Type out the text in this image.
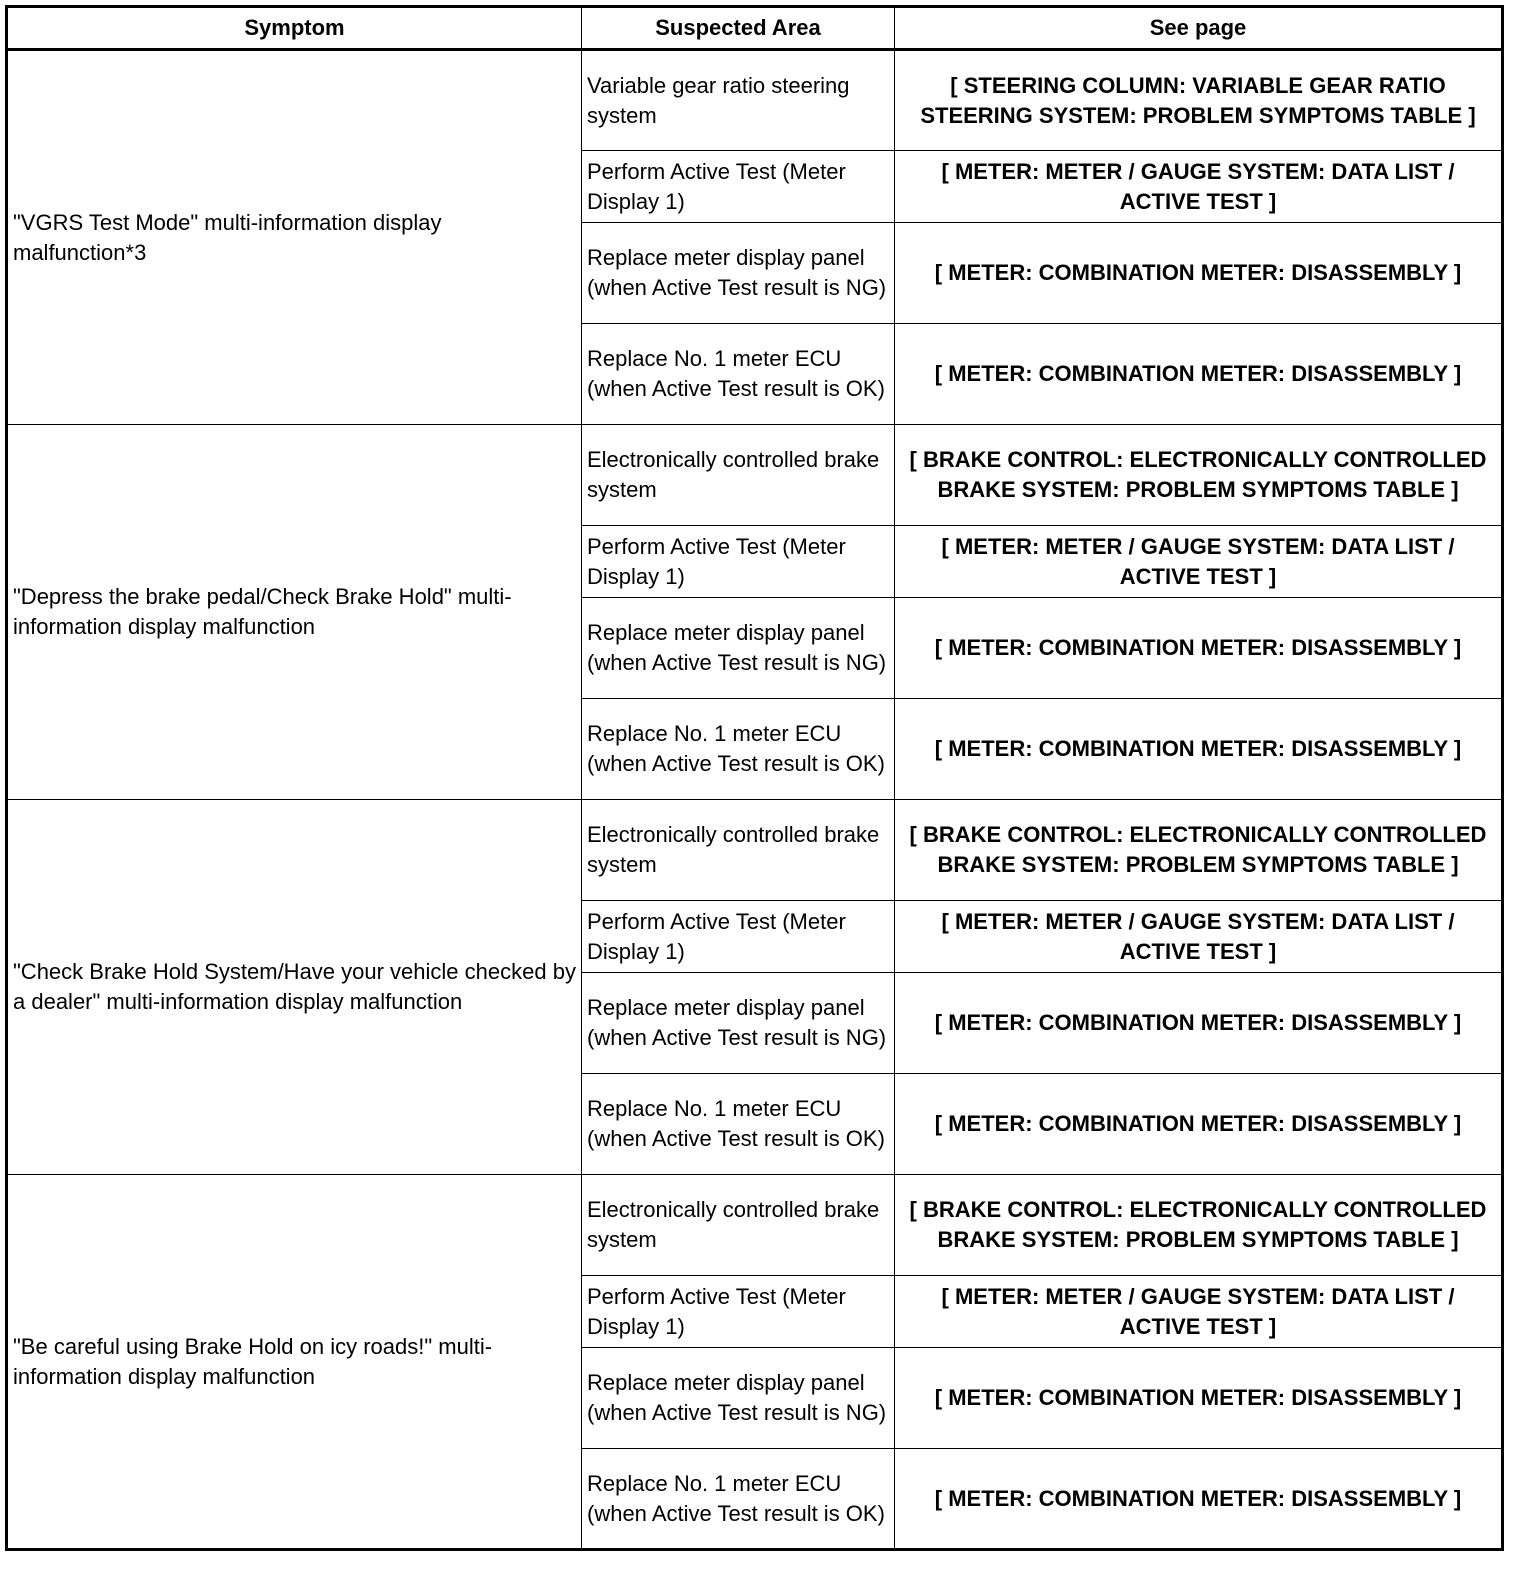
Symptom	Suspected Area	See page
"VGRS Test Mode" multi-information display malfunction*3	Variable gear ratio steering system	[ STEERING COLUMN: VARIABLE GEAR RATIO STEERING SYSTEM: PROBLEM SYMPTOMS TABLE ]
	Perform Active Test (Meter Display 1)	[ METER: METER / GAUGE SYSTEM: DATA LIST / ACTIVE TEST ]
	Replace meter display panel (when Active Test result is NG)	[ METER: COMBINATION METER: DISASSEMBLY ]
	Replace No. 1 meter ECU (when Active Test result is OK)	[ METER: COMBINATION METER: DISASSEMBLY ]
"Depress the brake pedal/Check Brake Hold" multi-information display malfunction	Electronically controlled brake system	[ BRAKE CONTROL: ELECTRONICALLY CONTROLLED BRAKE SYSTEM: PROBLEM SYMPTOMS TABLE ]
	Perform Active Test (Meter Display 1)	[ METER: METER / GAUGE SYSTEM: DATA LIST / ACTIVE TEST ]
	Replace meter display panel (when Active Test result is NG)	[ METER: COMBINATION METER: DISASSEMBLY ]
	Replace No. 1 meter ECU (when Active Test result is OK)	[ METER: COMBINATION METER: DISASSEMBLY ]
"Check Brake Hold System/Have your vehicle checked by a dealer" multi-information display malfunction	Electronically controlled brake system	[ BRAKE CONTROL: ELECTRONICALLY CONTROLLED BRAKE SYSTEM: PROBLEM SYMPTOMS TABLE ]
	Perform Active Test (Meter Display 1)	[ METER: METER / GAUGE SYSTEM: DATA LIST / ACTIVE TEST ]
	Replace meter display panel (when Active Test result is NG)	[ METER: COMBINATION METER: DISASSEMBLY ]
	Replace No. 1 meter ECU (when Active Test result is OK)	[ METER: COMBINATION METER: DISASSEMBLY ]
"Be careful using Brake Hold on icy roads!" multi-information display malfunction	Electronically controlled brake system	[ BRAKE CONTROL: ELECTRONICALLY CONTROLLED BRAKE SYSTEM: PROBLEM SYMPTOMS TABLE ]
	Perform Active Test (Meter Display 1)	[ METER: METER / GAUGE SYSTEM: DATA LIST / ACTIVE TEST ]
	Replace meter display panel (when Active Test result is NG)	[ METER: COMBINATION METER: DISASSEMBLY ]
	Replace No. 1 meter ECU (when Active Test result is OK)	[ METER: COMBINATION METER: DISASSEMBLY ]
